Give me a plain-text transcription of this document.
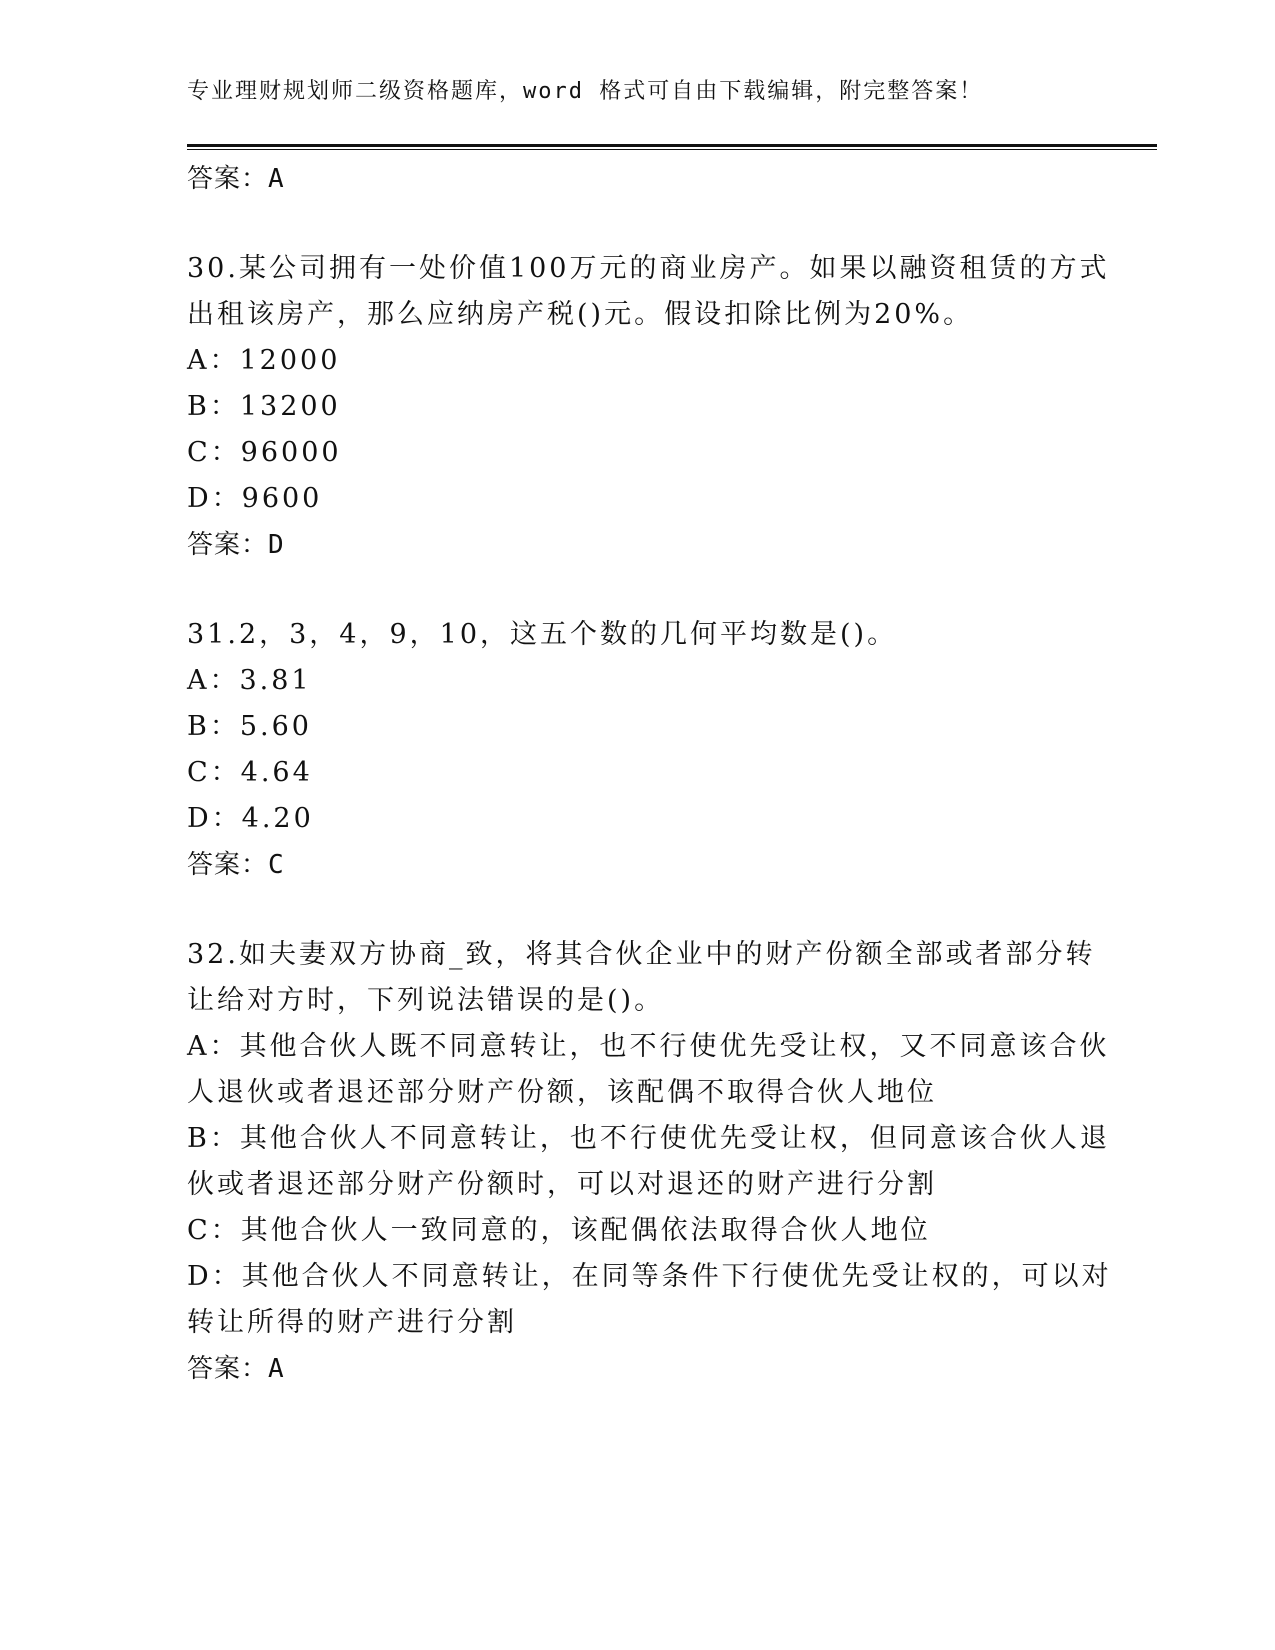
专业理财规划师二级资格题库，word 格式可自由下载编辑，附完整答案！
答案：A
30.某公司拥有一处价值100万元的商业房产。如果以融资租赁的方式
出租该房产，那么应纳房产税()元。假设扣除比例为20%。
A：12000
B：13200
C：96000
D：9600
答案：D
31.2，3，4，9，10，这五个数的几何平均数是()。
A：3.81
B：5.60
C：4.64
D：4.20
答案：C
32.如夫妻双方协商_致，将其合伙企业中的财产份额全部或者部分转
让给对方时，下列说法错误的是()。
A：其他合伙人既不同意转让，也不行使优先受让权，又不同意该合伙
人退伙或者退还部分财产份额，该配偶不取得合伙人地位
B：其他合伙人不同意转让，也不行使优先受让权，但同意该合伙人退
伙或者退还部分财产份额时，可以对退还的财产进行分割
C：其他合伙人一致同意的，该配偶依法取得合伙人地位
D：其他合伙人不同意转让，在同等条件下行使优先受让权的，可以对
转让所得的财产进行分割
答案：A
